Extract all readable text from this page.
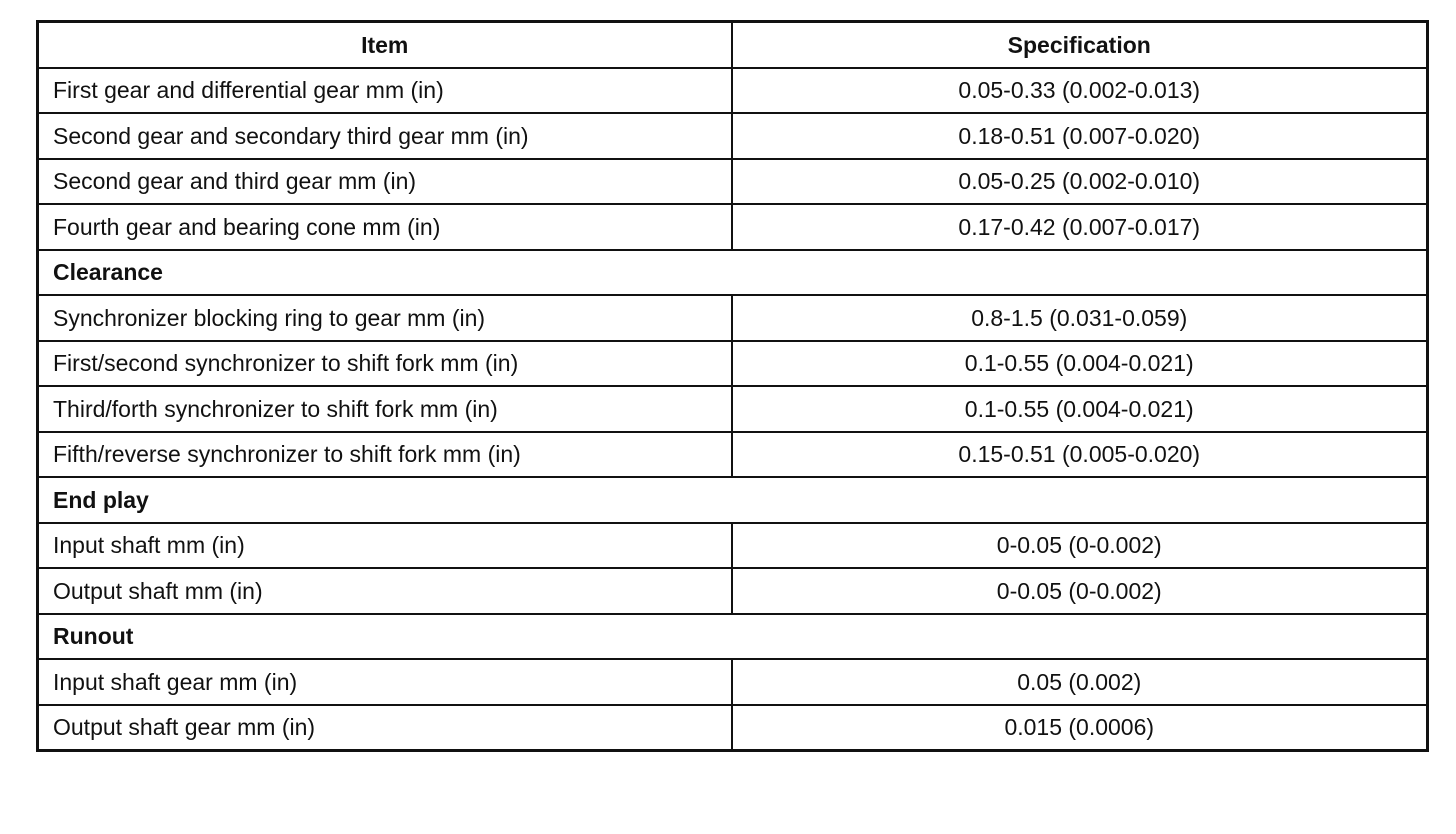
Item	Specification
First gear and differential gear mm (in)	0.05-0.33 (0.002-0.013)
Second gear and secondary third gear mm (in)	0.18-0.51 (0.007-0.020)
Second gear and third gear mm (in)	0.05-0.25 (0.002-0.010)
Fourth gear and bearing cone mm (in)	0.17-0.42 (0.007-0.017)
Clearance	
Synchronizer blocking ring to gear mm (in)	0.8-1.5 (0.031-0.059)
First/second synchronizer to shift fork mm (in)	0.1-0.55 (0.004-0.021)
Third/forth synchronizer to shift fork mm (in)	0.1-0.55 (0.004-0.021)
Fifth/reverse synchronizer to shift fork mm (in)	0.15-0.51 (0.005-0.020)
End play	
Input shaft mm (in)	0-0.05 (0-0.002)
Output shaft mm (in)	0-0.05 (0-0.002)
Runout	
Input shaft gear mm (in)	0.05 (0.002)
Output shaft gear mm (in)	0.015 (0.0006)
